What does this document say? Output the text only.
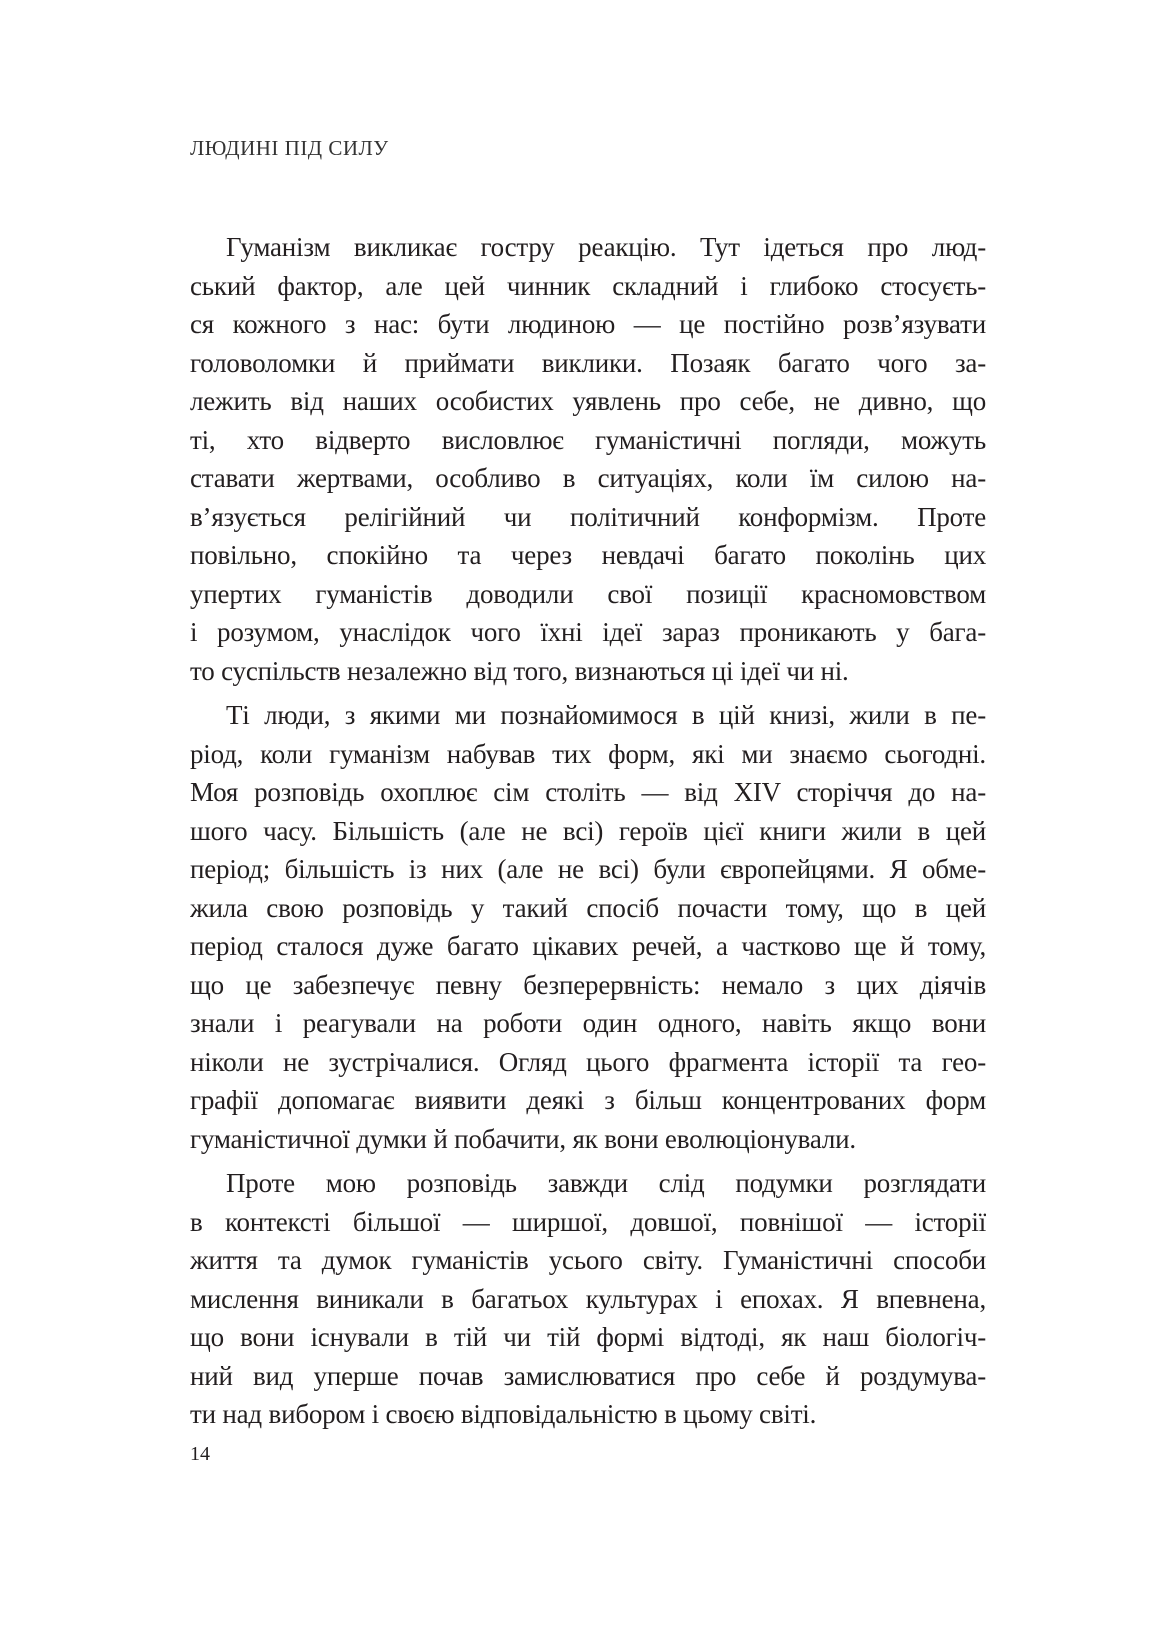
ЛЮДИНІ ПІД СИЛУ
Гуманізм викликає гостру реакцію. Тут ідеться про люд-
ський фактор, але цей чинник складний і глибоко стосуєть-
ся кожного з нас: бути людиною — це постійно розв’язувати
головоломки й приймати виклики. Позаяк багато чого за-
лежить від наших особистих уявлень про себе, не дивно, що
ті, хто відверто висловлює гуманістичні погляди, можуть
ставати жертвами, особливо в ситуаціях, коли їм силою на-
в’язується релігійний чи політичний конформізм. Проте
повільно, спокійно та через невдачі багато поколінь цих
упертих гуманістів доводили свої позиції красномовством
і розумом, унаслідок чого їхні ідеї зараз проникають у бага-
то суспільств незалежно від того, визнаються ці ідеї чи ні.
Ті люди, з якими ми познайомимося в цій книзі, жили в пе-
ріод, коли гуманізм набував тих форм, які ми знаємо сьогодні.
Моя розповідь охоплює сім століть — від XIV сторіччя до на-
шого часу. Більшість (але не всі) героїв цієї книги жили в цей
період; більшість із них (але не всі) були європейцями. Я обме-
жила свою розповідь у такий спосіб почасти тому, що в цей
період сталося дуже багато цікавих речей, а частково ще й тому,
що це забезпечує певну безперервність: немало з цих діячів
знали і реагували на роботи один одного, навіть якщо вони
ніколи не зустрічалися. Огляд цього фрагмента історії та гео-
графії допомагає виявити деякі з більш концентрованих форм
гуманістичної думки й побачити, як вони еволюціонували.
Проте мою розповідь завжди слід подумки розглядати
в контексті більшої — ширшої, довшої, повнішої — історії
життя та думок гуманістів усього світу. Гуманістичні способи
мислення виникали в багатьох культурах і епохах. Я впевнена,
що вони існували в тій чи тій формі відтоді, як наш біологіч-
ний вид уперше почав замислюватися про себе й роздумува-
ти над вибором і своєю відповідальністю в цьому світі.
14
